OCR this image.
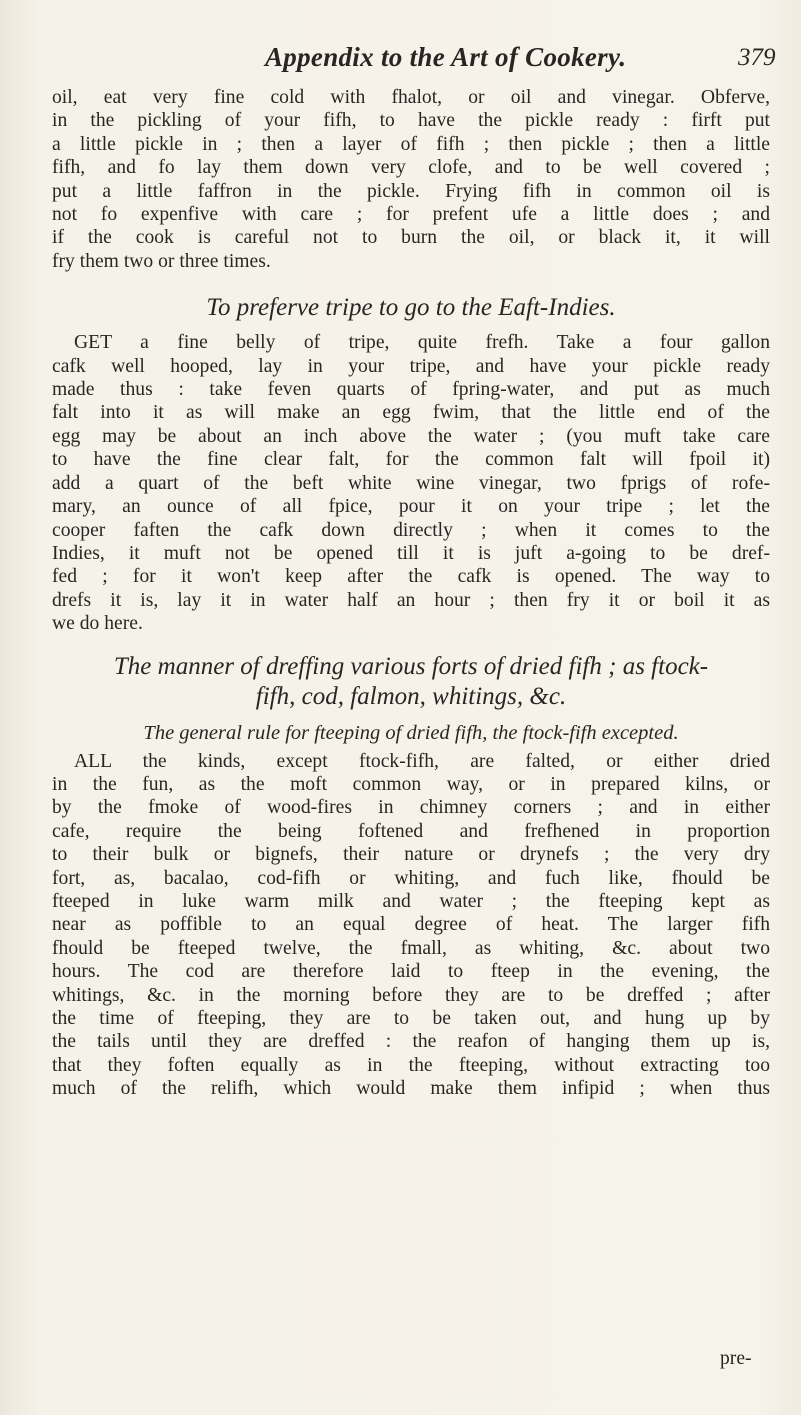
Appendix to the Art of Cookery.	379
oil, eat very fine cold with fhalot, or oil and vinegar. Obferve,
in the pickling of your fifh, to have the pickle ready : firft put
a little pickle in ; then a layer of fifh ; then pickle ; then a little
fifh, and fo lay them down very clofe, and to be well covered ;
put a little faffron in the pickle. Frying fifh in common oil is
not fo expenfive with care ; for prefent ufe a little does ; and
if the cook is careful not to burn the oil, or black it, it will
fry them two or three times.
To preferve tripe to go to the Eaft-Indies.
GET a fine belly of tripe, quite frefh. Take a four gallon
cafk well hooped, lay in your tripe, and have your pickle ready
made thus : take feven quarts of fpring-water, and put as much
falt into it as will make an egg fwim, that the little end of the
egg may be about an inch above the water ; (you muft take care
to have the fine clear falt, for the common falt will fpoil it)
add a quart of the beft white wine vinegar, two fprigs of rofe-
mary, an ounce of all fpice, pour it on your tripe ; let the
cooper faften the cafk down directly ; when it comes to the
Indies, it muft not be opened till it is juft a-going to be dref-
fed ; for it won't keep after the cafk is opened. The way to
drefs it is, lay it in water half an hour ; then fry it or boil it as
we do here.
The manner of dreffing various forts of dried fifh ; as ftock-
fifh, cod, falmon, whitings, &c.
The general rule for fteeping of dried fifh, the ftock-fifh excepted.
ALL the kinds, except ftock-fifh, are falted, or either dried
in the fun, as the moft common way, or in prepared kilns, or
by the fmoke of wood-fires in chimney corners ; and in either
cafe, require the being foftened and frefhened in proportion
to their bulk or bignefs, their nature or drynefs ; the very dry
fort, as, bacalao, cod-fifh or whiting, and fuch like, fhould be
fteeped in luke warm milk and water ; the fteeping kept as
near as poffible to an equal degree of heat. The larger fifh
fhould be fteeped twelve, the fmall, as whiting, &c. about two
hours. The cod are therefore laid to fteep in the evening, the
whitings, &c. in the morning before they are to be dreffed ; after
the time of fteeping, they are to be taken out, and hung up by
the tails until they are dreffed : the reafon of hanging them up is,
that they foften equally as in the fteeping, without extracting too
much of the relifh, which would make them infipid ; when thus
pre-
